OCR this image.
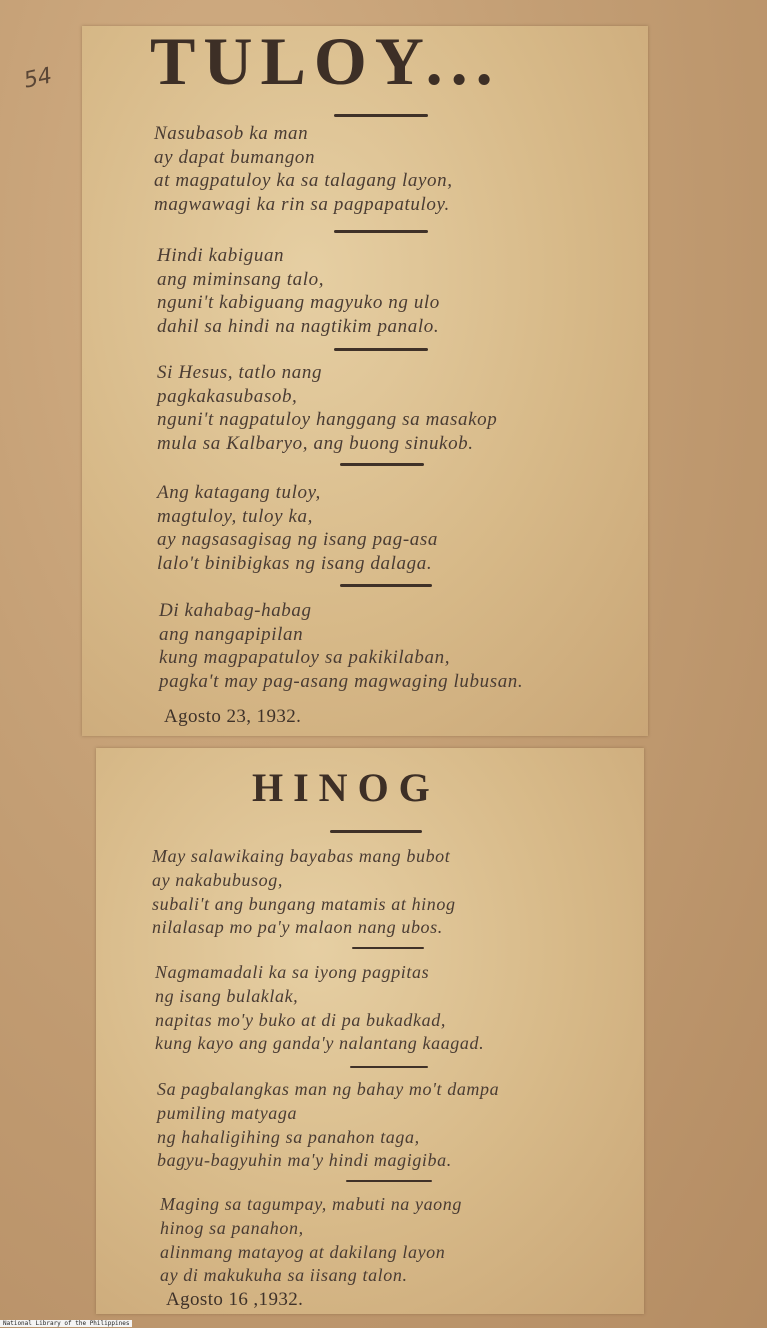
54 TULOY...

Nasubasob ka man
ay dapat bumangon
at magpatuloy ka sa talagang layon,
magwawagi ka rin sa pagpapatuloy.

Hindi kabiguan
ang miminsang talo,
nguni't kabiguang magyuko ng ulo
dahil sa hindi na nagtikim panalo.

Si Hesus, tatlo nang
pagkakasubasob,
nguni't nagpatuloy hanggang sa masakop
mula sa Kalbaryo, ang buong sinukob.

Ang katagang tuloy,
magtuloy, tuloy ka,
ay nagsasagisag ng isang pag-asa
lalo't binibigkas ng isang dalaga.

Di kahabag-habag
ang nangapipilan
kung magpapatuloy sa pakikilaban,
pagka't may pag-asang magwaging lubusan.

Agosto 23, 1932.

HINOG

May salawikaing bayabas mang bubot
ay nakabubusog,
subali't ang bungang matamis at hinog
nilalasap mo pa'y malaon nang ubos.

Nagmamadali ka sa iyong pagpitas
ng isang bulaklak,
napitas mo'y buko at di pa bukadkad,
kung kayo ang ganda'y nalantang kaagad.

Sa pagbalangkas man ng bahay mo't dampa
pumiling matyaga
ng hahaligihing sa panahon taga,
bagyu-bagyuhin ma'y hindi magigiba.

Maging sa tagumpay, mabuti na yaong
hinog sa panahon,
alinmang matayog at dakilang layon
ay di makukuha sa iisang talon.

Agosto 16 ,1932.

National Library of the Philippines
